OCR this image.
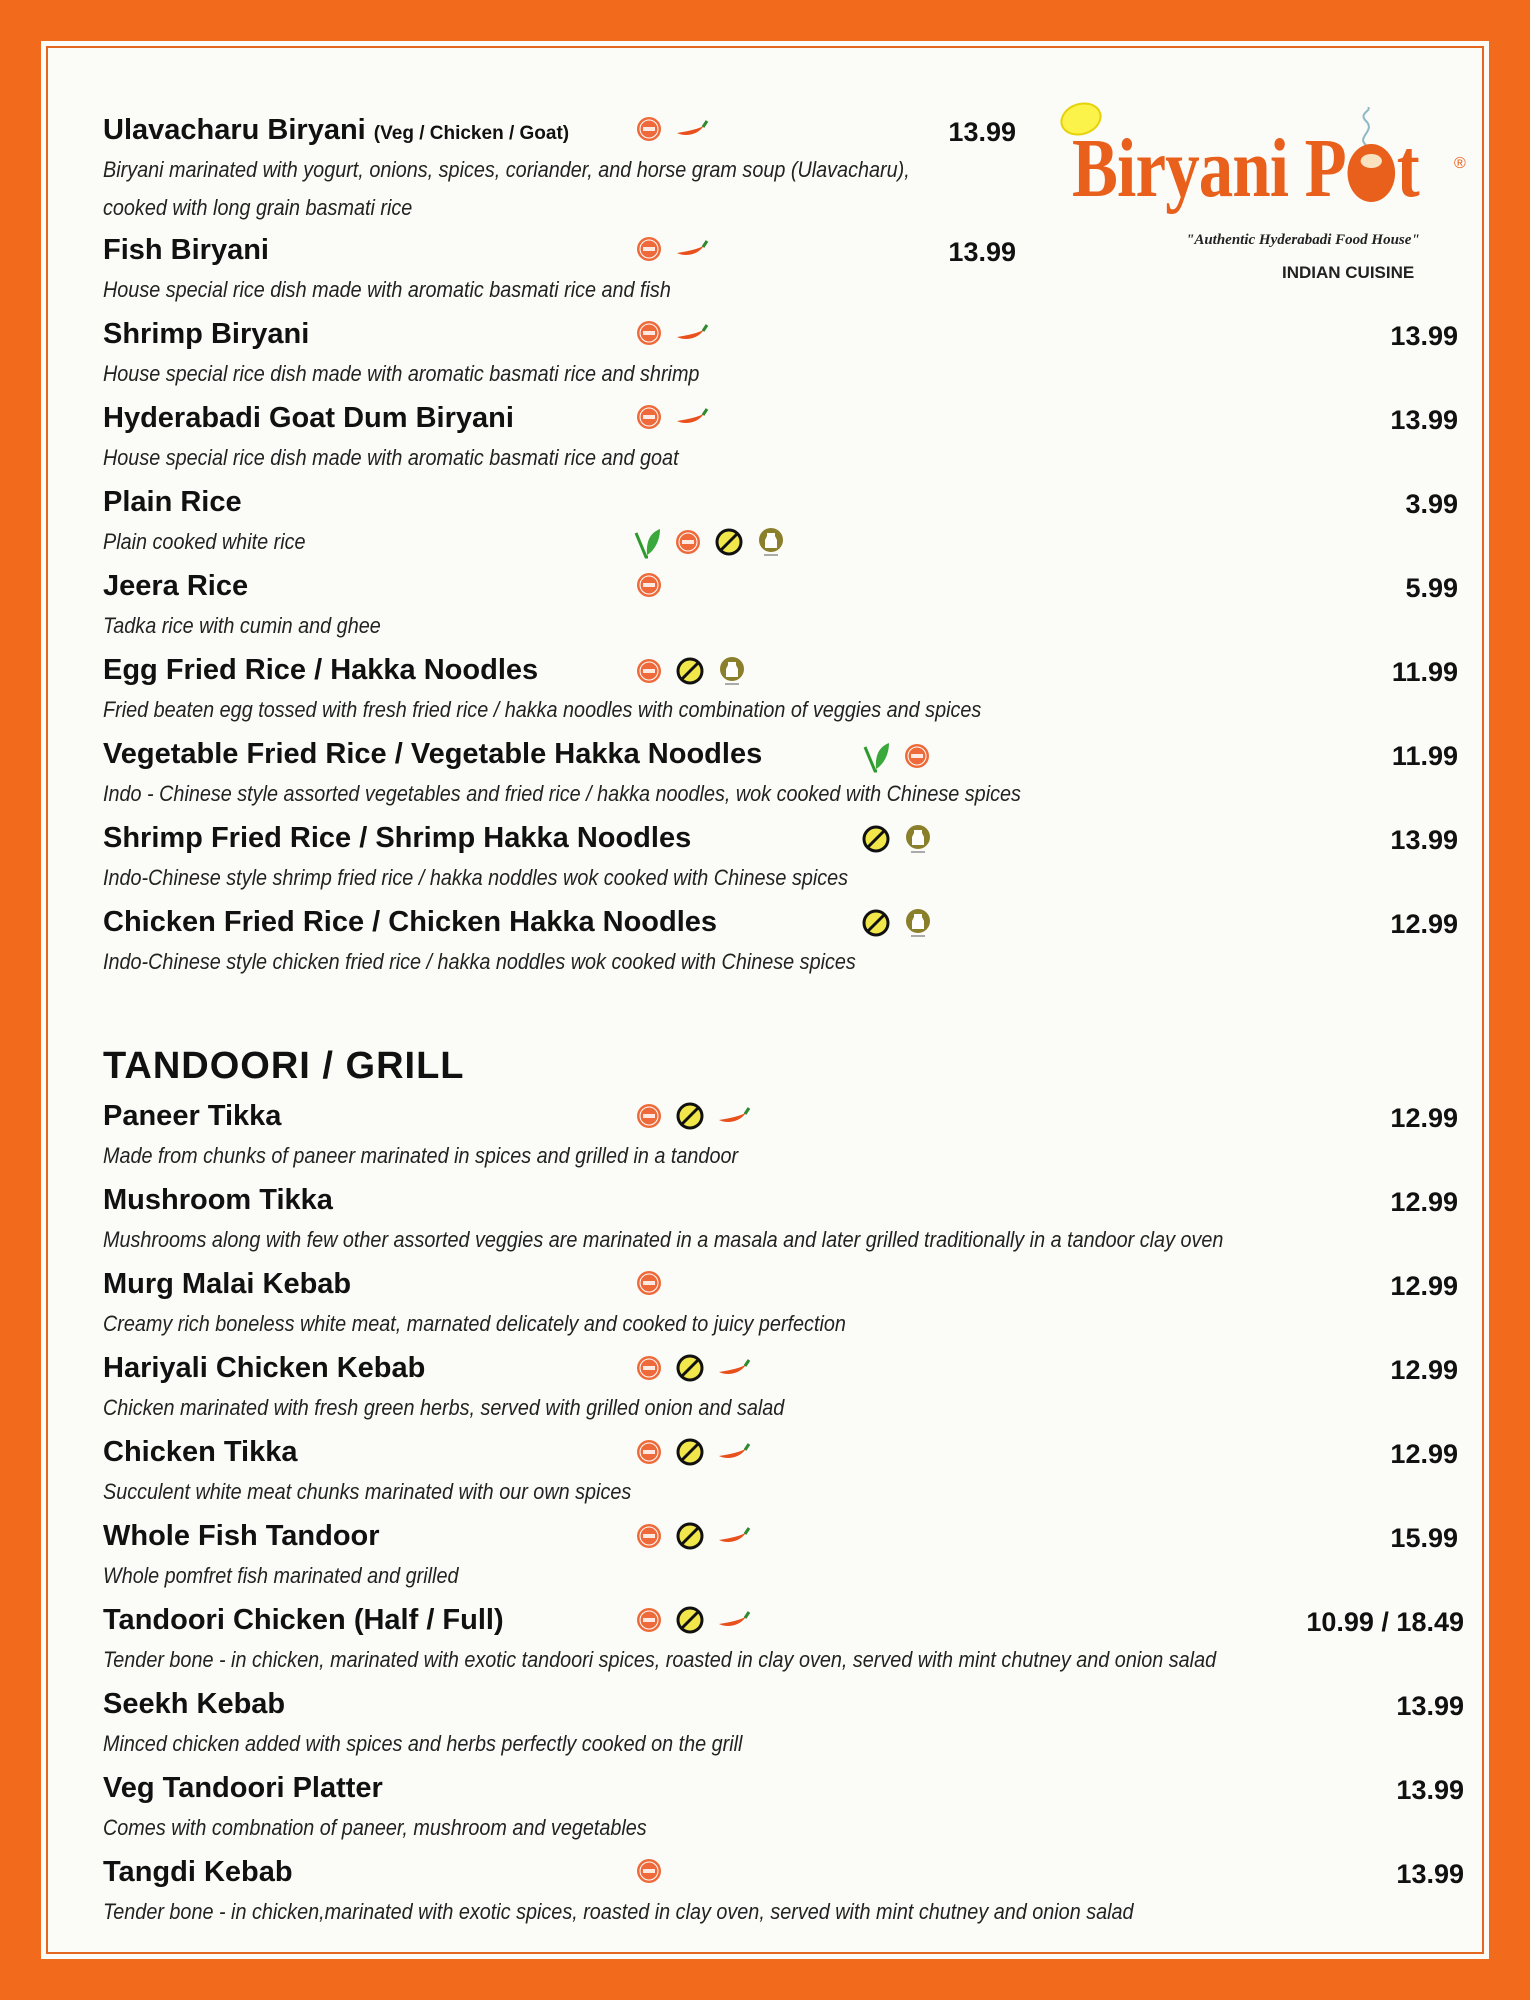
Biryani P t ®
"Authentic Hyderabadi Food House"
INDIAN CUISINE
Ulavacharu Biryani (Veg / Chicken / Goat)
Biryani marinated with yogurt, onions, spices, coriander, and horse gram soup (Ulavacharu),
cooked with long grain basmati rice
13.99
Fish Biryani
House special rice dish made with aromatic basmati rice and fish
13.99
Shrimp Biryani
House special rice dish made with aromatic basmati rice and shrimp
13.99
Hyderabadi Goat Dum Biryani
House special rice dish made with aromatic basmati rice and goat
13.99
Plain Rice
Plain cooked white rice
3.99
Jeera Rice
Tadka rice with cumin and ghee
5.99
Egg Fried Rice / Hakka Noodles
Fried beaten egg tossed with fresh fried rice / hakka noodles with combination of veggies and spices
11.99
Vegetable Fried Rice / Vegetable Hakka Noodles
Indo - Chinese style assorted vegetables and fried rice / hakka noodles, wok cooked with Chinese spices
11.99
Shrimp Fried Rice / Shrimp Hakka Noodles
Indo-Chinese style shrimp fried rice / hakka noddles wok cooked with Chinese spices
13.99
Chicken Fried Rice / Chicken Hakka Noodles
Indo-Chinese style chicken fried rice / hakka noddles wok cooked with Chinese spices
12.99
TANDOORI / GRILL
Paneer Tikka
Made from chunks of paneer marinated in spices and grilled in a tandoor
12.99
Mushroom Tikka
Mushrooms along with few other assorted veggies are marinated in a masala and later grilled traditionally in a tandoor clay oven
12.99
Murg Malai Kebab
Creamy rich boneless white meat, marnated delicately and cooked to juicy perfection
12.99
Hariyali Chicken Kebab
Chicken marinated with fresh green herbs, served with grilled onion and salad
12.99
Chicken Tikka
Succulent white meat chunks marinated with our own spices
12.99
Whole Fish Tandoor
Whole pomfret fish marinated and grilled
15.99
Tandoori Chicken (Half / Full)
Tender bone - in chicken, marinated with exotic tandoori spices, roasted in clay oven, served with mint chutney and onion salad
10.99 / 18.49
Seekh Kebab
Minced chicken added with spices and herbs perfectly cooked on the grill
13.99
Veg Tandoori Platter
Comes with combnation of paneer, mushroom and vegetables
13.99
Tangdi Kebab
Tender bone - in chicken,marinated with exotic spices, roasted in clay oven, served with mint chutney and onion salad
13.99
